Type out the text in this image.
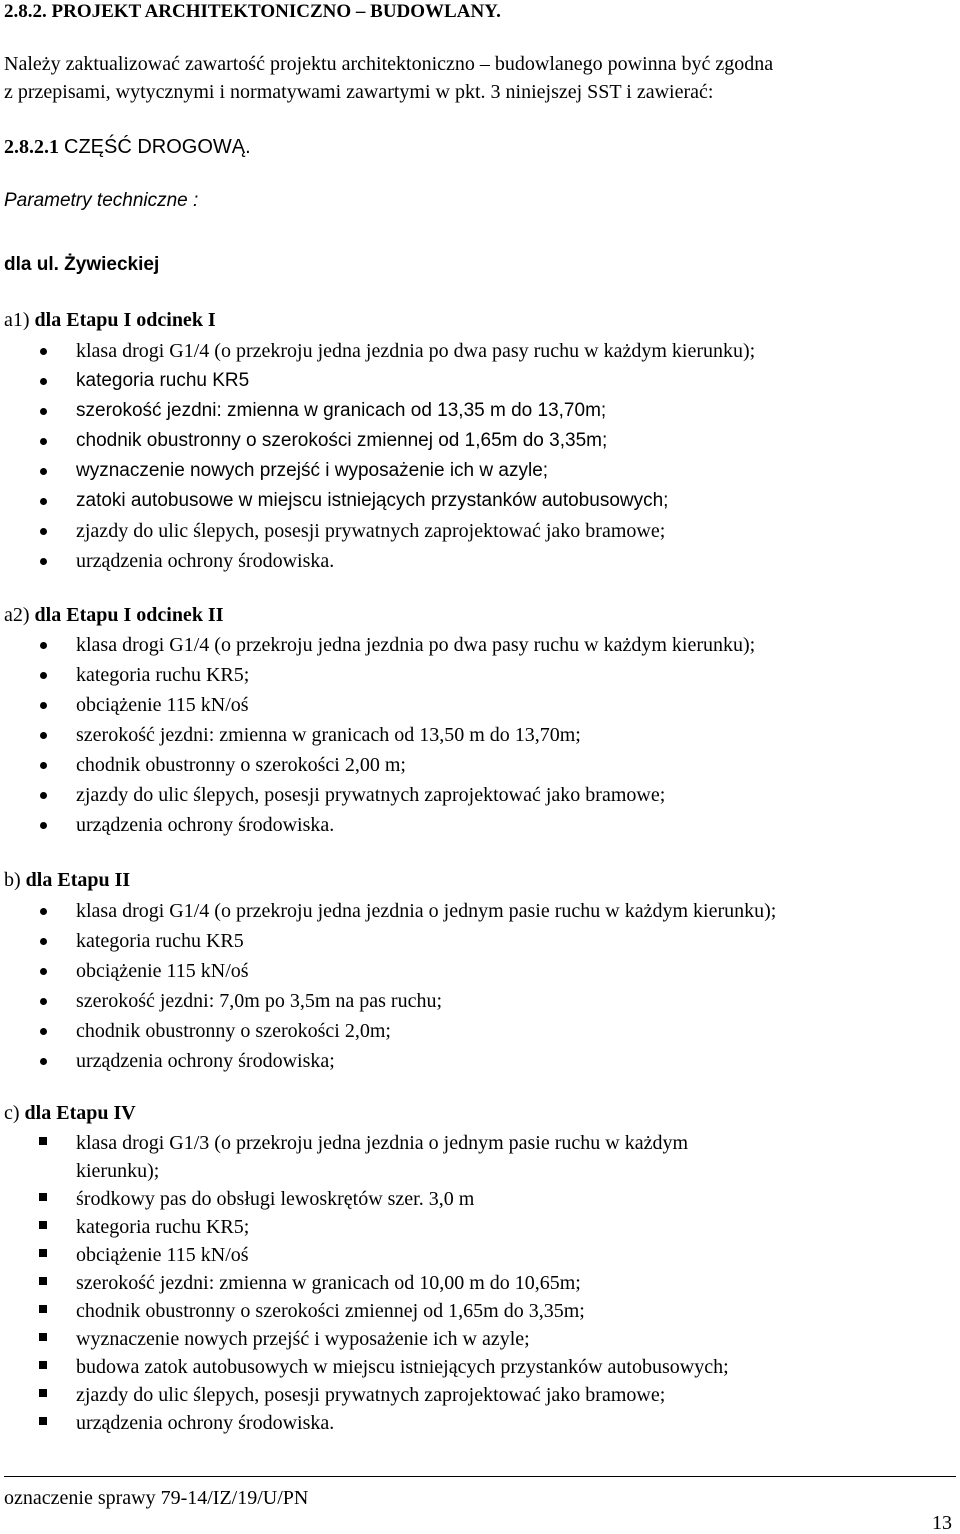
2.8.2. PROJEKT ARCHITEKTONICZNO – BUDOWLANY.
Należy zaktualizować zawartość projektu architektoniczno – budowlanego powinna być zgodna
z przepisami, wytycznymi i normatywami zawartymi w pkt. 3 niniejszej SST i zawierać:
2.8.2.1 CZĘŚĆ DROGOWĄ.
Parametry techniczne :
dla ul. Żywieckiej
a1) dla Etapu I odcinek I
klasa drogi G1/4 (o przekroju jedna jezdnia po dwa pasy ruchu w każdym kierunku);
kategoria ruchu KR5
szerokość jezdni: zmienna w granicach od 13,35 m do 13,70m;
chodnik obustronny o szerokości zmiennej od 1,65m do 3,35m;
wyznaczenie nowych przejść i wyposażenie ich w azyle;
zatoki autobusowe w miejscu istniejących przystanków autobusowych;
zjazdy do ulic ślepych, posesji prywatnych zaprojektować jako bramowe;
urządzenia ochrony środowiska.
a2) dla Etapu I odcinek II
klasa drogi G1/4 (o przekroju jedna jezdnia po dwa pasy ruchu w każdym kierunku);
kategoria ruchu KR5;
obciążenie 115 kN/oś
szerokość jezdni: zmienna w granicach od 13,50 m do 13,70m;
chodnik obustronny o szerokości 2,00 m;
zjazdy do ulic ślepych, posesji prywatnych zaprojektować jako bramowe;
urządzenia ochrony środowiska.
b) dla Etapu II
klasa drogi G1/4 (o przekroju jedna jezdnia o jednym pasie ruchu w każdym kierunku);
kategoria ruchu KR5
obciążenie 115 kN/oś
szerokość jezdni: 7,0m po 3,5m na pas ruchu;
chodnik obustronny o szerokości 2,0m;
urządzenia ochrony środowiska;
c) dla Etapu IV
klasa drogi G1/3 (o przekroju jedna jezdnia o jednym pasie ruchu w każdym
kierunku);
środkowy pas do obsługi lewoskrętów szer. 3,0 m
kategoria ruchu KR5;
obciążenie 115 kN/oś
szerokość jezdni: zmienna w granicach od 10,00 m do 10,65m;
chodnik obustronny o szerokości zmiennej od 1,65m do 3,35m;
wyznaczenie nowych przejść i wyposażenie ich w azyle;
budowa zatok autobusowych w miejscu istniejących przystanków autobusowych;
zjazdy do ulic ślepych, posesji prywatnych zaprojektować jako bramowe;
urządzenia ochrony środowiska.
oznaczenie sprawy 79-14/IZ/19/U/PN
13
